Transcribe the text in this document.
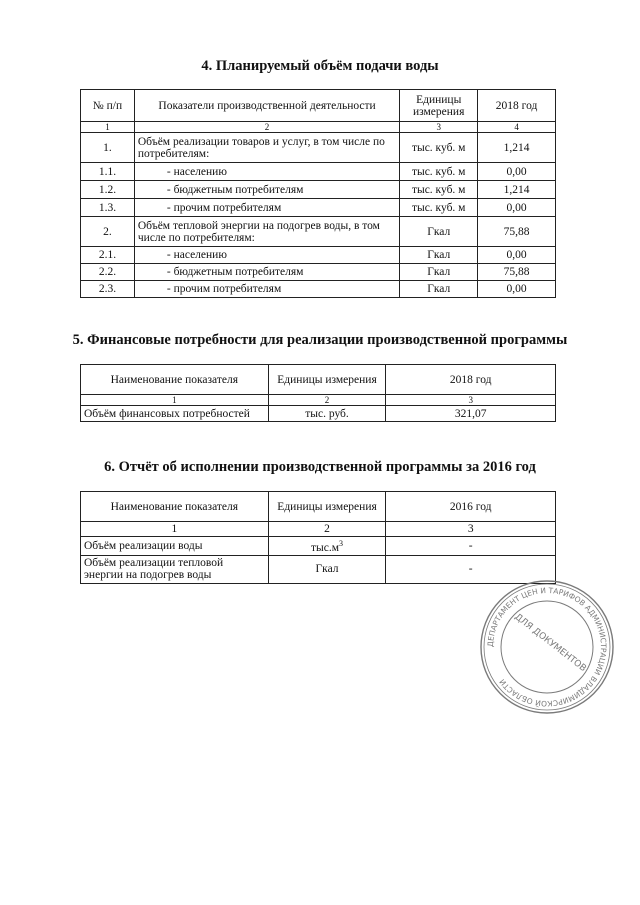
4. Планируемый объём подачи воды
№ п/п	Показатели производственной деятельности	Единицы измерения	2018 год
1	2	3	4
1.	Объём реализации товаров и услуг, в том числе по потребителям:	тыс. куб. м	1,214
1.1.	- населению	тыс. куб. м	0,00
1.2.	- бюджетным потребителям	тыс. куб. м	1,214
1.3.	- прочим потребителям	тыс. куб. м	0,00
2.	Объём тепловой энергии на подогрев воды, в том числе по потребителям:	Гкал	75,88
2.1.	- населению	Гкал	0,00
2.2.	- бюджетным потребителям	Гкал	75,88
2.3.	- прочим потребителям	Гкал	0,00
5. Финансовые потребности для реализации производственной программы
Наименование показателя	Единицы измерения	2018 год
1	2	3
Объём финансовых потребностей	тыс. руб.	321,07
6. Отчёт об исполнении производственной программы за 2016 год
Наименование показателя	Единицы измерения	2016 год
1	2	3
Объём реализации воды	$тыс.м^3$	-
Объём реализации тепловой энергии на подогрев воды	Гкал	-
ДЕПАРТАМЕНТ ЦЕН И ТАРИФОВ АДМИНИСТРАЦИИ ВЛАДИМИРСКОЙ ОБЛАСТИ
ДЛЯ ДОКУМЕНТОВ
